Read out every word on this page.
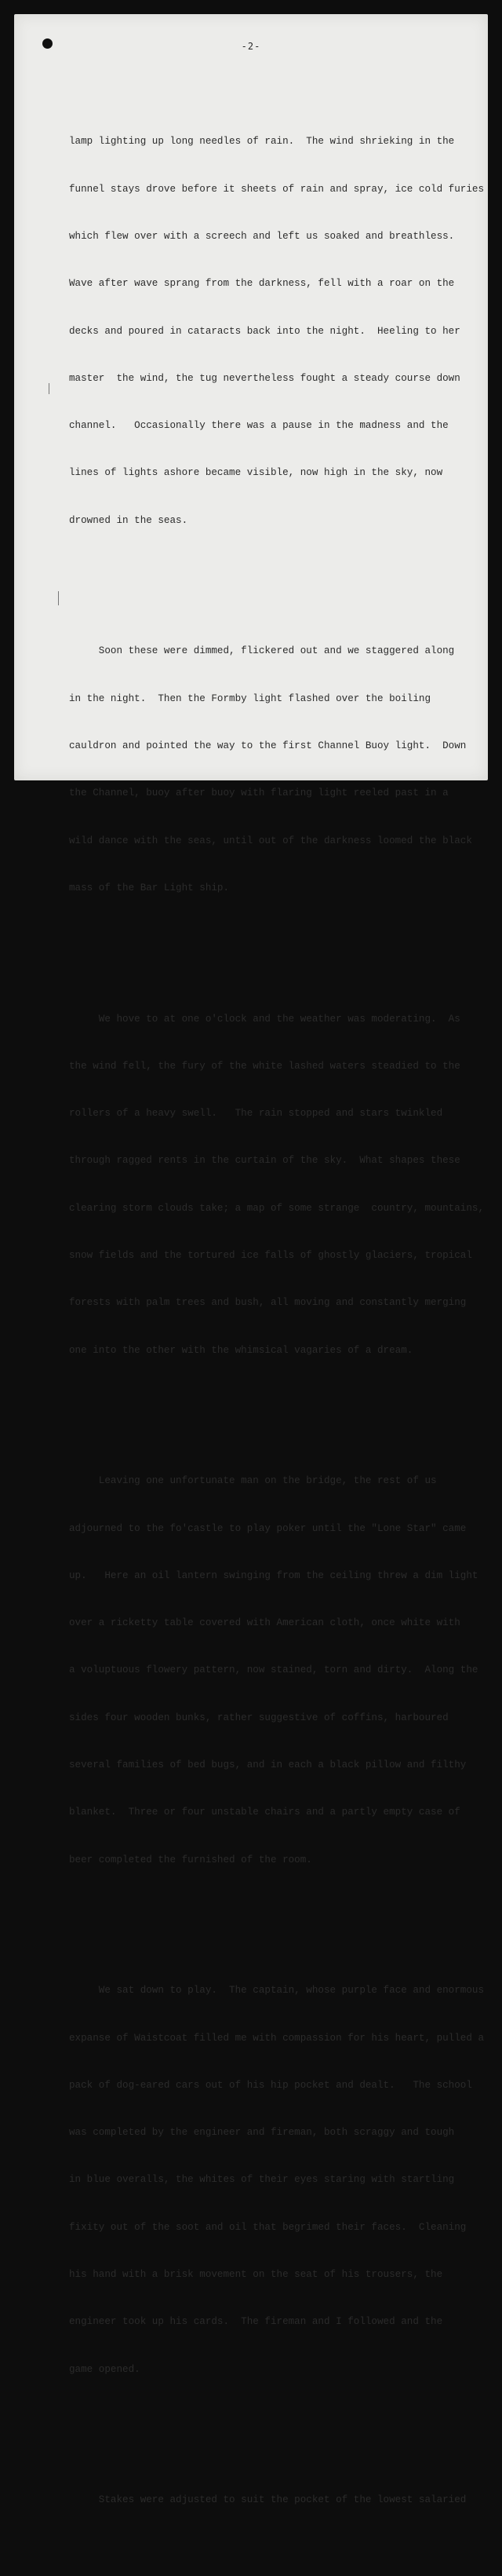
-2-

lamp lighting up long needles of rain.  The wind shrieking in the

funnel stays drove before it sheets of rain and spray, ice cold furies

which flew over with a screech and left us soaked and breathless.

Wave after wave sprang from the darkness, fell with a roar on the

decks and poured in cataracts back into the night.  Heeling to her

master  the wind, the tug nevertheless fought a steady course down

channel.   Occasionally there was a pause in the madness and the

lines of lights ashore became visible, now high in the sky, now

drowned in the seas.

Soon these were dimmed, flickered out and we staggered along

in the night.  Then the Formby light flashed over the boiling

cauldron and pointed the way to the first Channel Buoy light.  Down

the Channel, buoy after buoy with flaring light reeled past in a

wild dance with the seas, until out of the darkness loomed the black

mass of the Bar Light ship.

We hove to at one o'clock and the weather was moderating.  As

the wind fell, the fury of the white lashed waters steadied to the

rollers of a heavy swell.   The rain stopped and stars twinkled

through ragged rents in the curtain of the sky.  What shapes these

clearing storm clouds take; a map of some strange  country, mountains,

snow fields and the tortured ice falls of ghostly glaciers, tropical

forests with palm trees and bush, all moving and constantly merging

one into the other with the whimsical vagaries of a dream.

Leaving one unfortunate man on the bridge, the rest of us

adjourned to the fo'castle to play poker until the "Lone Star" came

up.   Here an oil lantern swinging from the ceiling threw a dim light

over a ricketty table covered with American cloth, once white with

a voluptuous flowery pattern, now stained, torn and dirty.  Along the

sides four wooden bunks, rather suggestive of coffins, harboured

several families of bed bugs, and in each a black pillow and filthy

blanket.  Three or four unstable chairs and a partly empty case of

beer completed the furnished of the room.

We sat down to play.  The captain, whose purple face and enormous

expanse of Waistcoat filled me with compassion for his heart, pulled a

pack of dog-eared cars out of his hip pocket and dealt.   The school

was completed by the engineer and fireman, both scraggy and tough

in blue overalls, the whites of their eyes staring with startling

fixity out of the soot and oil that begrimed their faces.  Cleaning

his hand with a brisk movement on the seat of his trousers, the

engineer took up his cards.  The fireman and I followed and the

game opened.

Stakes were adjusted to suit the pocket of the lowest salaried
